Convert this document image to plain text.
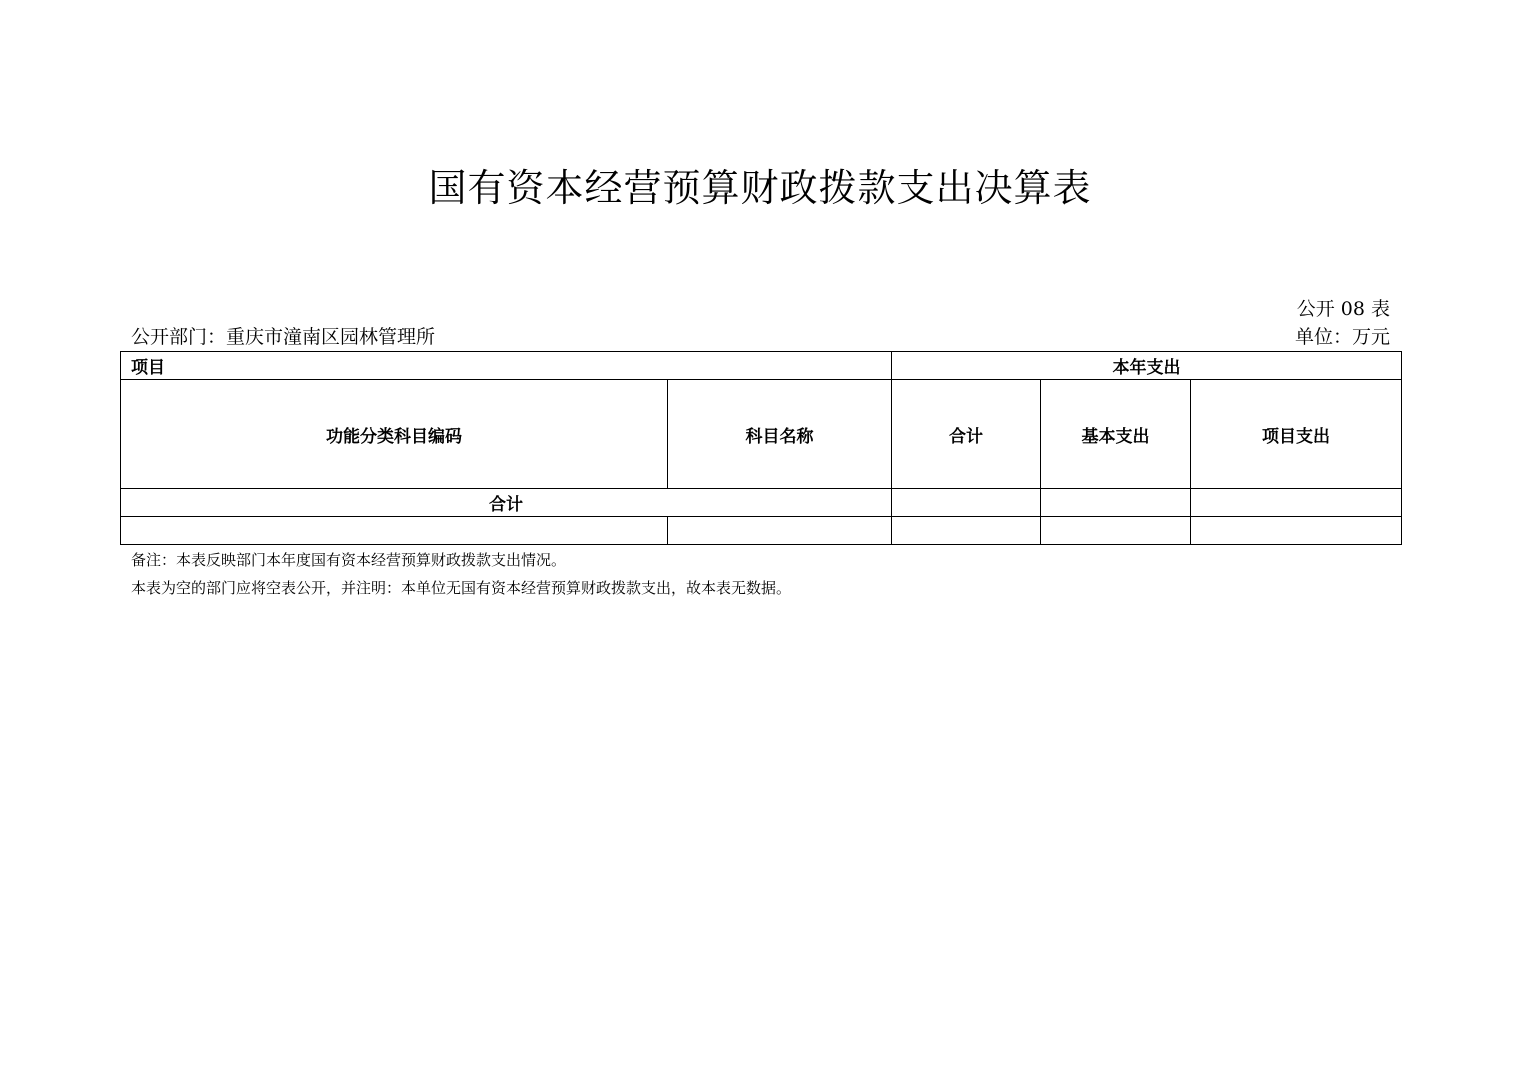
国有资本经营预算财政拨款支出决算表
公开 08 表
公开部门：重庆市潼南区园林管理所	单位：万元
项目		本年支出		
功能分类科目编码	科目名称	合计	基本支出	项目支出
合计				

备注：本表反映部门本年度国有资本经营预算财政拨款支出情况。
本表为空的部门应将空表公开，并注明：本单位无国有资本经营预算财政拨款支出，故本表无数据。
